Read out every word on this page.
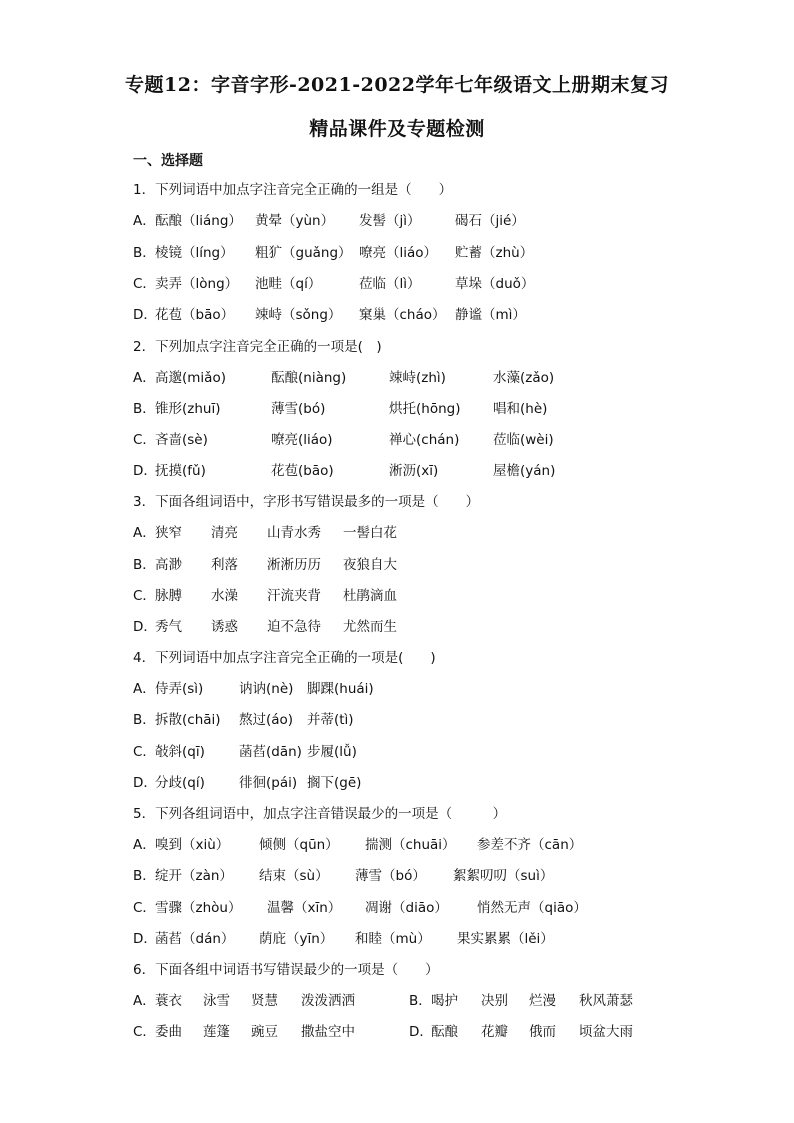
专题12：字音字形-2021-2022学年七年级语文上册期末复习
精品课件及专题检测
一、选择题
1．下列词语中加点字注音完全正确的一组是（　　）
A．酝酿（liáng） 黄晕（yùn） 发髻（jì）	碣石（jié）
B．棱镜（líng） 粗犷（guǎng） 嘹亮（liáo） 贮蓄（zhù）
C．卖弄（lòng） 池畦（qí）	莅临（lì）	草垛（duǒ）
D．花苞（bāo） 竦峙（sǒng） 窠巢（cháo） 静谧（mì）
2．下列加点字注音完全正确的一项是(　)
A．高邈(miǎo)	酝酿(niàng)	竦峙(zhì)	水藻(zǎo)
B．锥形(zhuī)	薄雪(bó)	烘托(hōng) 唱和(hè)
C．吝啬(sè)	嘹亮(liáo)	禅心(chán) 莅临(wèi)
D．抚摸(fǔ)	花苞(bāo)	淅沥(xī)	屋檐(yán)
3．下面各组词语中，字形书写错误最多的一项是（　　）
A．狭窄 清亮 山青水秀 一髻白花
B．高渺 利落 淅淅历历 夜狼自大
C．脉膊 水澡 汗流夹背 杜鹃滴血
D．秀气 诱惑 迫不急待 尤然而生
4．下列词语中加点字注音完全正确的一项是(　　)
A．侍弄(sì)	讷讷(nè) 脚踝(huái)
B．拆散(chāi) 熬过(áo) 并蒂(tì)
C．敧斜(qī)	菡萏(dān) 步履(lǚ)
D．分歧(qí)	徘徊(pái) 搁下(gē)
5．下列各组词语中，加点字注音错误最少的一项是（　　　）
A．嗅到（xiù） 倾侧（qūn） 揣测（chuāi） 参差不齐（cān）
B．绽开（zàn） 结束（sù） 薄雪（bó） 絮絮叨叨（suì）
C．雪骤（zhòu） 温馨（xīn） 凋谢（diāo） 悄然无声（qiāo）
D．菡萏（dán） 荫庇（yīn） 和睦（mù） 果实累累（lěi）
6．下面各组中词语书写错误最少的一项是（　　）
A．蓑衣 泳雪 贤慧 泼泼洒洒	B．喝护 决别 烂漫 秋风萧瑟
C．委曲 莲篷 豌豆 撒盐空中	D．酝酿 花瓣 俄而 顷盆大雨
